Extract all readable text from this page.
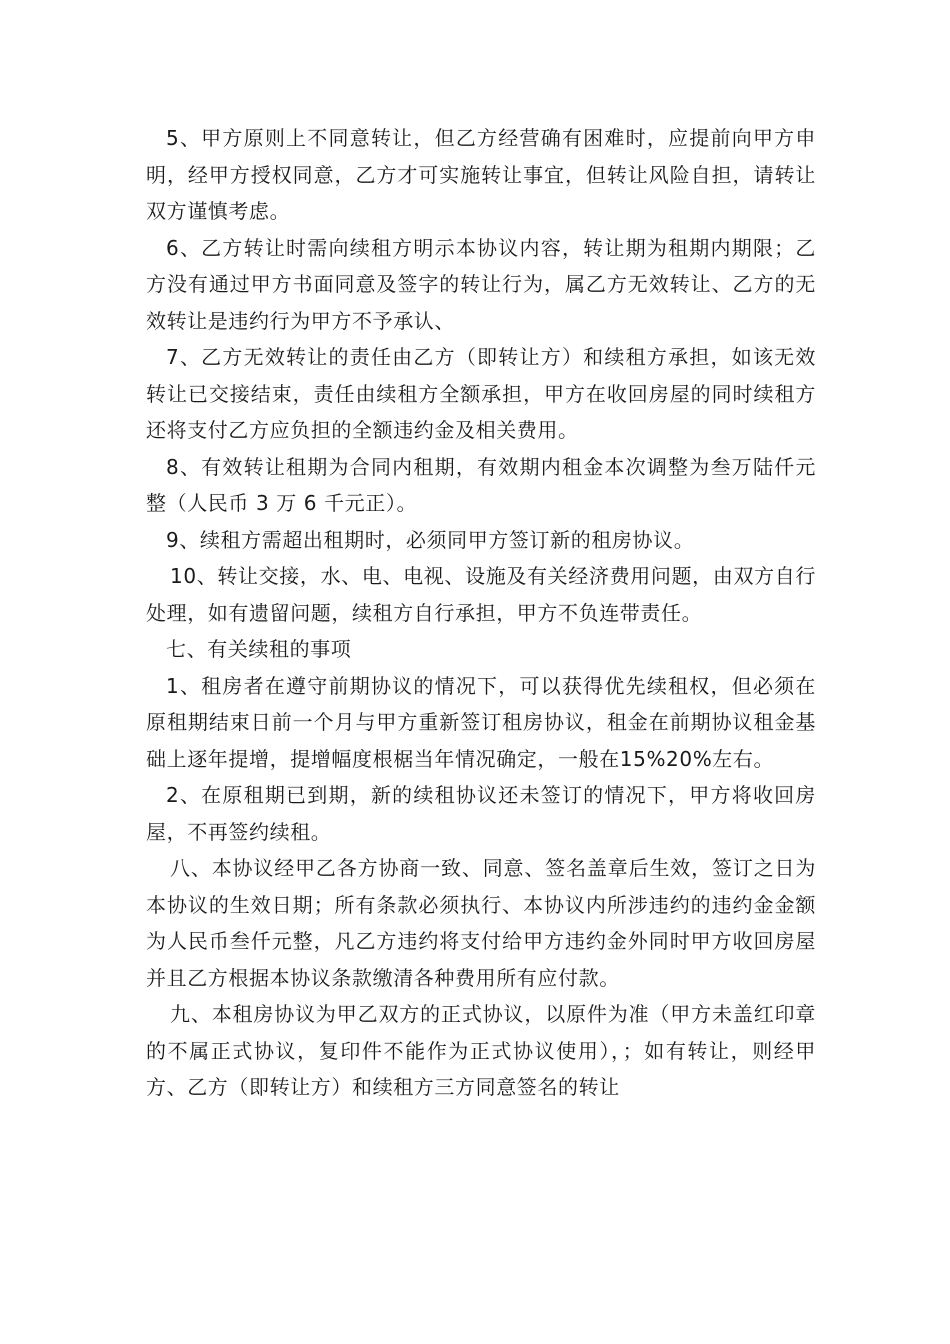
5、甲方原则上不同意转让，但乙方经营确有困难时，应提前向甲方申明，经甲方授权同意，乙方才可实施转让事宜，但转让风险自担，请转让双方谨慎考虑。

6、乙方转让时需向续租方明示本协议内容，转让期为租期内期限；乙方没有通过甲方书面同意及签字的转让行为，属乙方无效转让、乙方的无效转让是违约行为甲方不予承认、

7、乙方无效转让的责任由乙方（即转让方）和续租方承担，如该无效转让已交接结束，责任由续租方全额承担，甲方在收回房屋的同时续租方还将支付乙方应负担的全额违约金及相关费用。

8、有效转让租期为合同内租期，有效期内租金本次调整为叁万陆仟元整（人民币 3 万 6 千元正）。

9、续租方需超出租期时，必须同甲方签订新的租房协议。

10、转让交接，水、电、电视、设施及有关经济费用问题，由双方自行处理，如有遗留问题，续租方自行承担，甲方不负连带责任。

七、有关续租的事项

1、租房者在遵守前期协议的情况下，可以获得优先续租权，但必须在原租期结束日前一个月与甲方重新签订租房协议，租金在前期协议租金基础上逐年提增，提增幅度根椐当年情况确定，一般在15%20%左右。

2、在原租期已到期，新的续租协议还未签订的情况下，甲方将收回房屋，不再签约续租。

八、本协议经甲乙各方协商一致、同意、签名盖章后生效，签订之日为本协议的生效日期；所有条款必须执行、本协议内所涉违约的违约金金额为人民币叁仟元整，凡乙方违约将支付给甲方违约金外同时甲方收回房屋并且乙方根据本协议条款缴清各种费用所有应付款。

九、本租房协议为甲乙双方的正式协议，以原件为准（甲方未盖红印章的不属正式协议，复印件不能作为正式协议使用），；如有转让，则经甲方、乙方（即转让方）和续租方三方同意签名的转让
